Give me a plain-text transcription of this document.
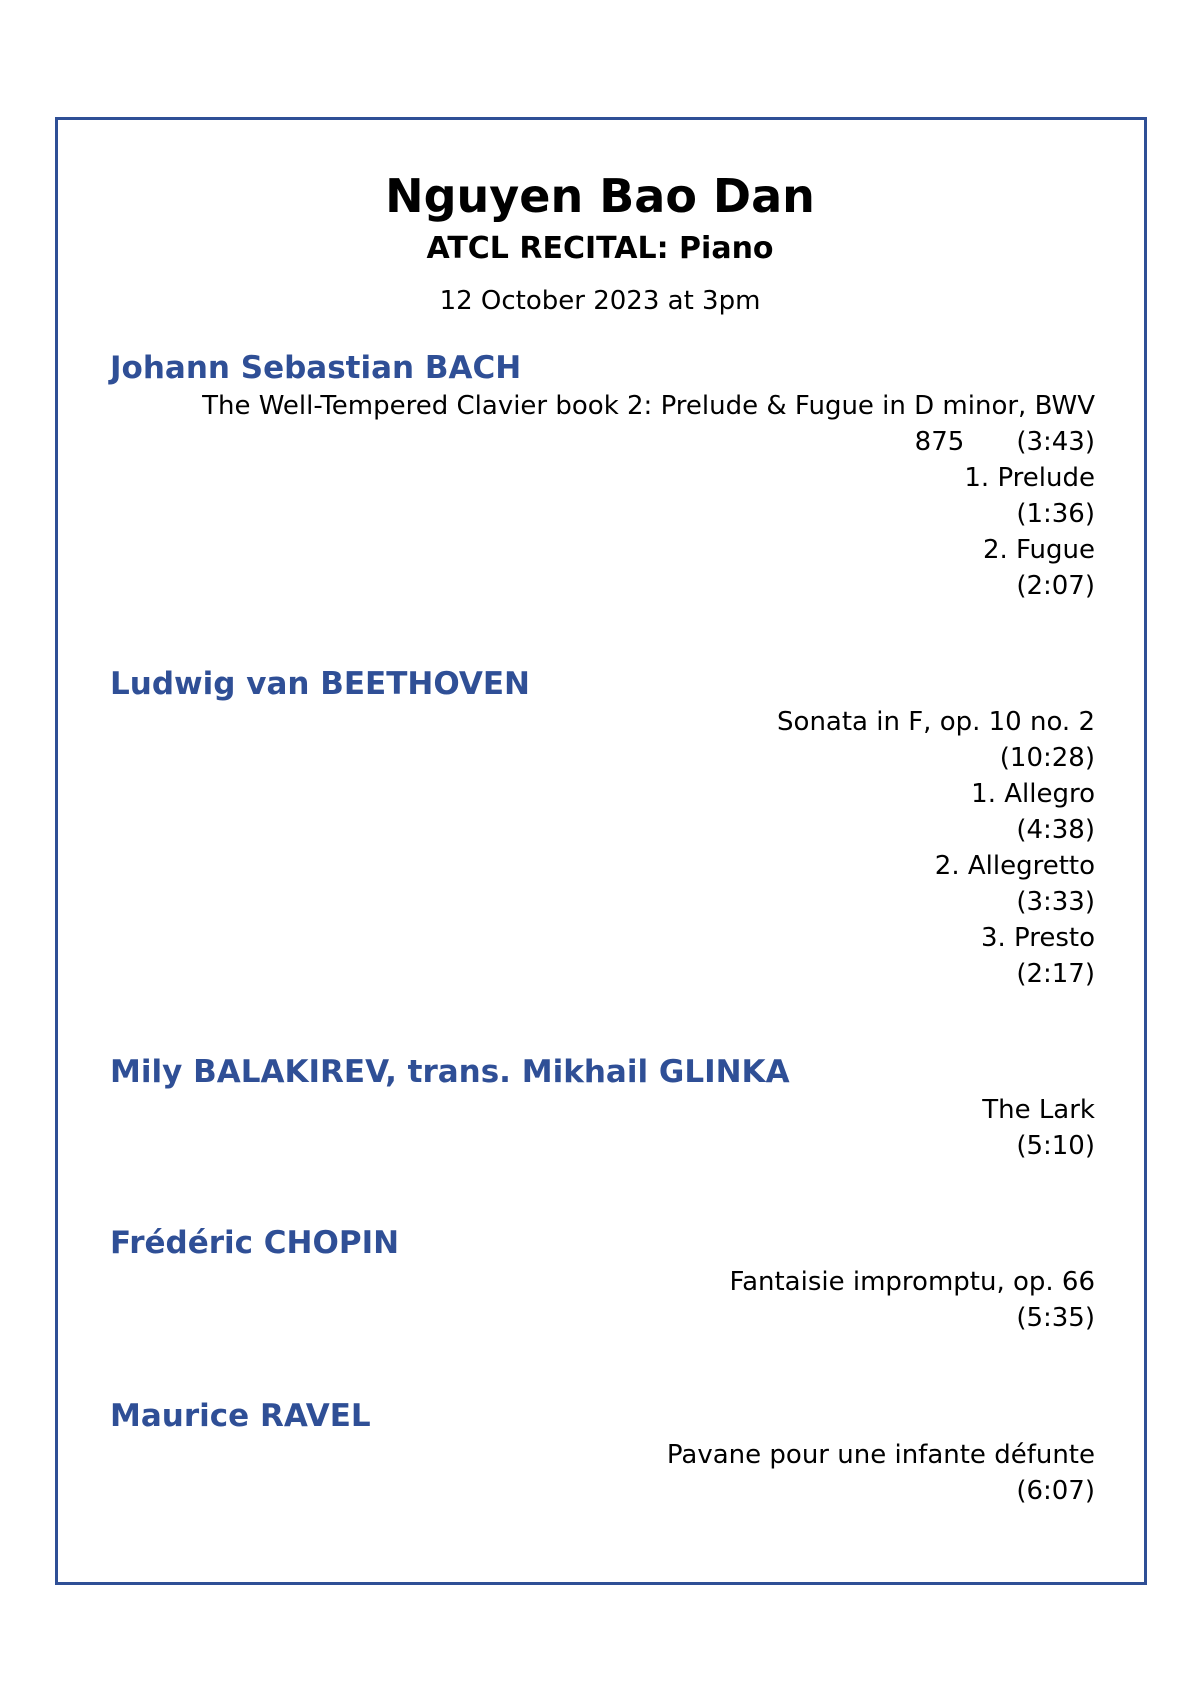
Nguyen Bao Dan
ATCL RECITAL: Piano
12 October 2023 at 3pm
Johann Sebastian BACH
The Well-Tempered Clavier book 2: Prelude & Fugue in D minor, BWV
875 (3:43)
1. Prelude
(1:36)
2. Fugue
(2:07)
Ludwig van BEETHOVEN
Sonata in F, op. 10 no. 2
(10:28)
1. Allegro
(4:38)
2. Allegretto
(3:33)
3. Presto
(2:17)
Mily BALAKIREV, trans. Mikhail GLINKA
The Lark
(5:10)
Frédéric CHOPIN
Fantaisie impromptu, op. 66
(5:35)
Maurice RAVEL
Pavane pour une infante défunte
(6:07)
